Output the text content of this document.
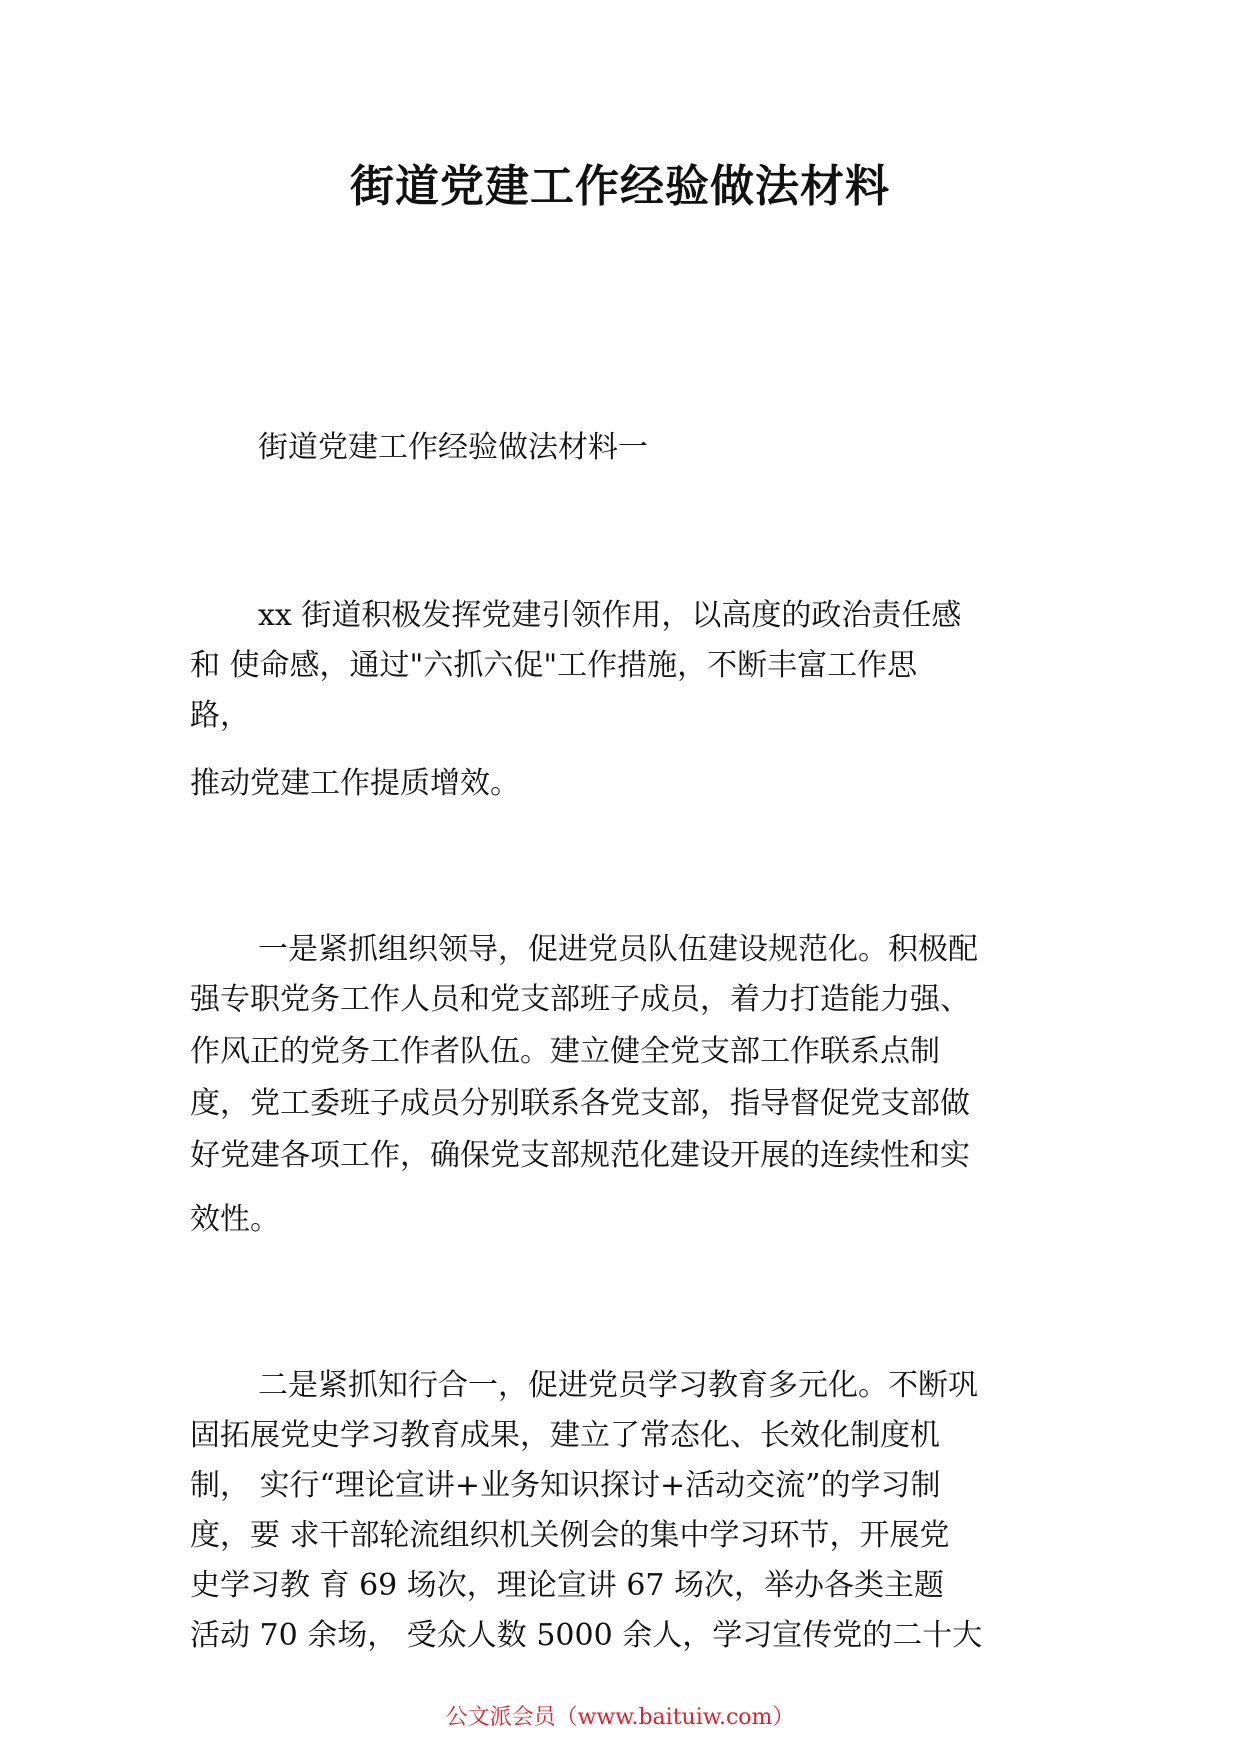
街道党建工作经验做法材料

街道党建工作经验做法材料一

xx 街道积极发挥党建引领作用，以高度的政治责任感

和 使命感，通过"六抓六促"工作措施，不断丰富工作思

路，

推动党建工作提质增效。

一是紧抓组织领导，促进党员队伍建设规范化。积极配

强专职党务工作人员和党支部班子成员，着力打造能力强、

作风正的党务工作者队伍。建立健全党支部工作联系点制

度，党工委班子成员分别联系各党支部，指导督促党支部做

好党建各项工作，确保党支部规范化建设开展的连续性和实

效性。

二是紧抓知行合一，促进党员学习教育多元化。不断巩

固拓展党史学习教育成果，建立了常态化、长效化制度机

制， 实行“理论宣讲+业务知识探讨+活动交流”的学习制

度，要 求干部轮流组织机关例会的集中学习环节，开展党

史学习教 育 69 场次，理论宣讲 67 场次，举办各类主题

活动 70 余场， 受众人数 5000 余人，学习宣传党的二十大

公文派会员（www.baituiw.com）
